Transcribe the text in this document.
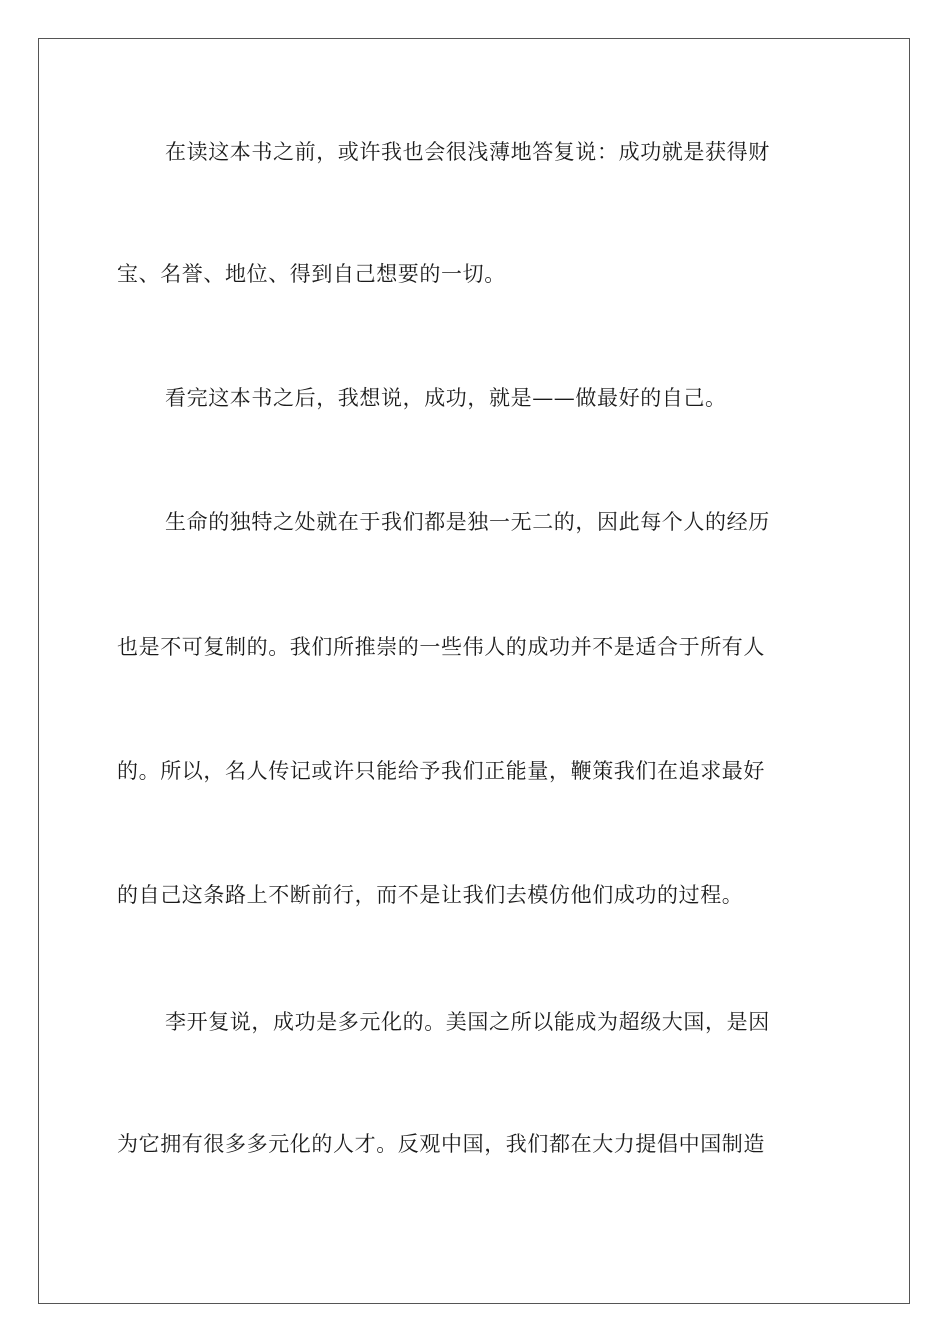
在读这本书之前，或许我也会很浅薄地答复说：成功就是获得财
宝、名誉、地位、得到自己想要的一切。
看完这本书之后，我想说，成功，就是——做最好的自己。
生命的独特之处就在于我们都是独一无二的，因此每个人的经历
也是不可复制的。我们所推崇的一些伟人的成功并不是适合于所有人
的。所以，名人传记或许只能给予我们正能量，鞭策我们在追求最好
的自己这条路上不断前行，而不是让我们去模仿他们成功的过程。
李开复说，成功是多元化的。美国之所以能成为超级大国，是因
为它拥有很多多元化的人才。反观中国，我们都在大力提倡中国制造
